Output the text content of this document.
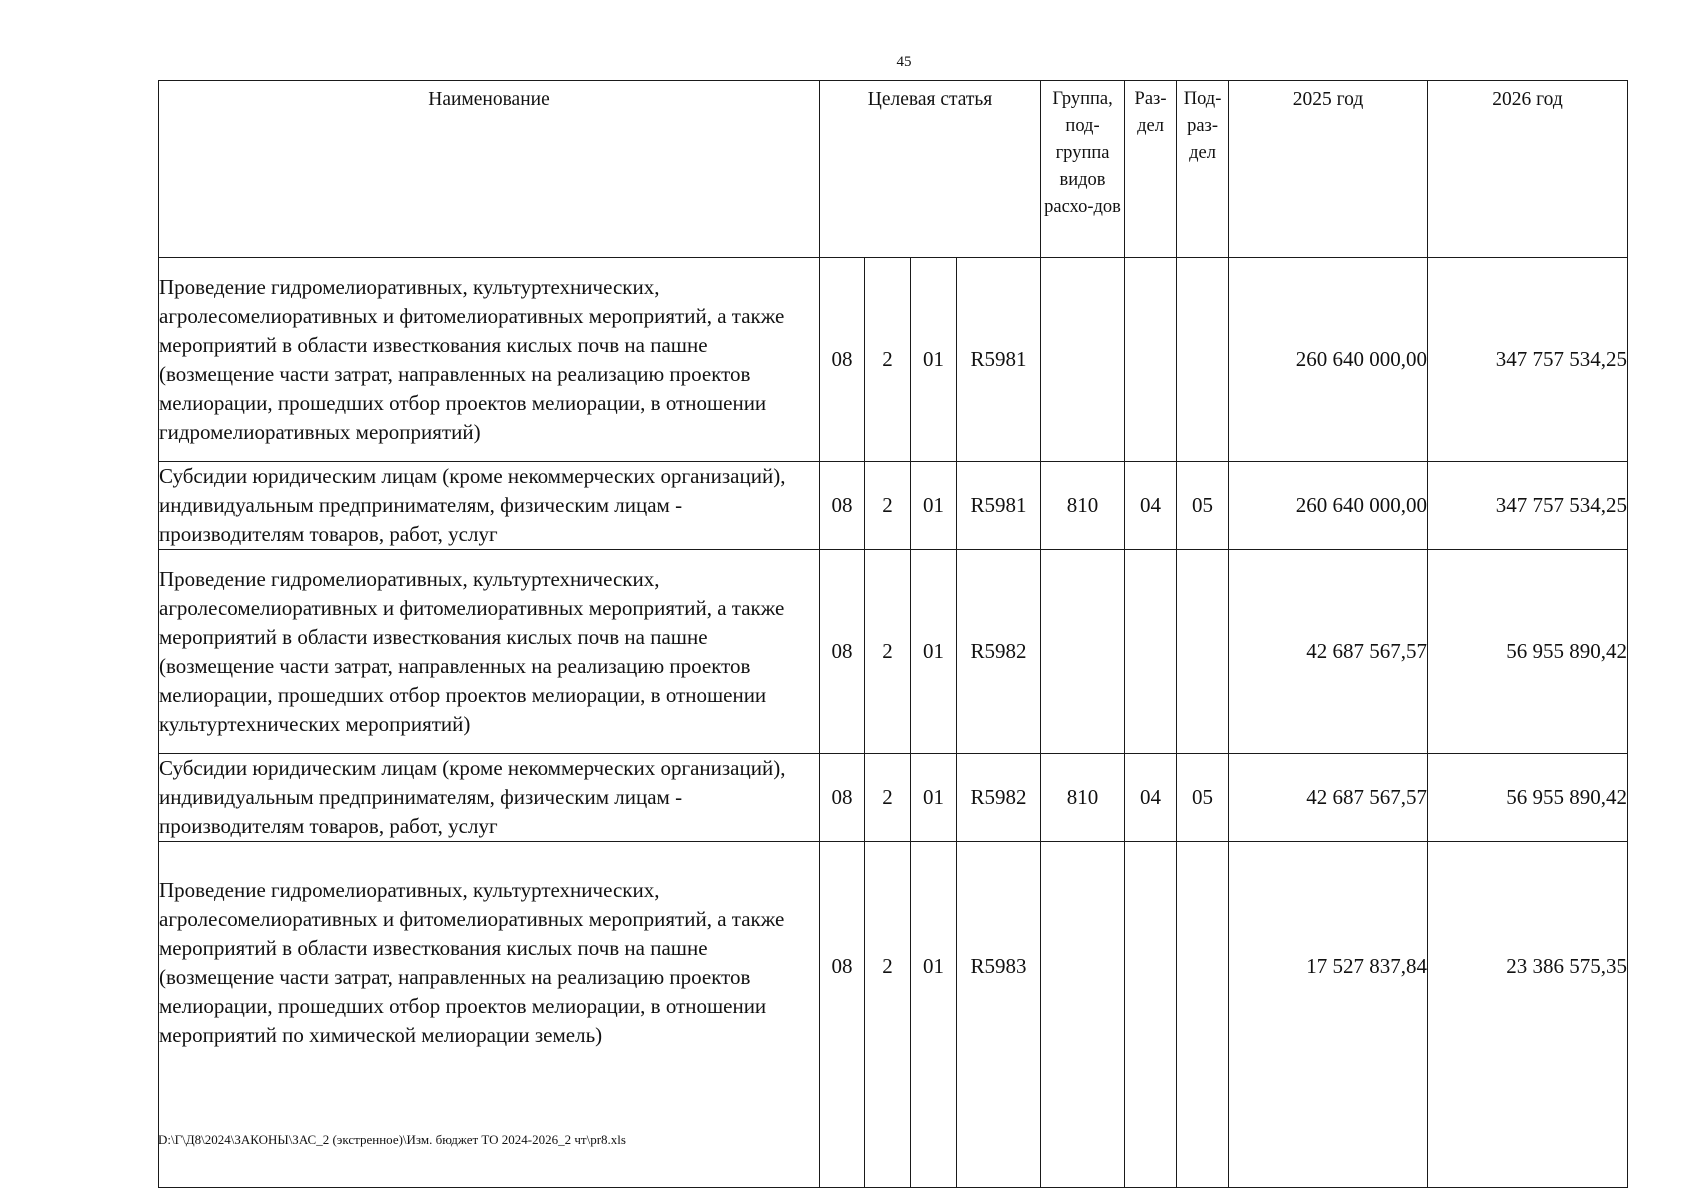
45
Наименование	Целевая статья				Группа, под-группа видов расхо-дов	Раз-дел	Под-раз-дел	2025 год	2026 год
Проведение гидромелиоративных, культуртехнических, агролесомелиоративных и фитомелиоративных мероприятий, а также мероприятий в области известкования кислых почв на пашне (возмещение части затрат, направленных на реализацию проектов мелиорации, прошедших отбор проектов мелиорации, в отношении гидромелиоративных мероприятий)	08	2	01	R5981				260 640 000,00	347 757 534,25
Субсидии юридическим лицам (кроме некоммерческих организаций), индивидуальным предпринимателям, физическим лицам - производителям товаров, работ, услуг	08	2	01	R5981	810	04	05	260 640 000,00	347 757 534,25
Проведение гидромелиоративных, культуртехнических, агролесомелиоративных и фитомелиоративных мероприятий, а также мероприятий в области известкования кислых почв на пашне (возмещение части затрат, направленных на реализацию проектов мелиорации, прошедших отбор проектов мелиорации, в отношении культуртехнических мероприятий)	08	2	01	R5982				42 687 567,57	56 955 890,42
Субсидии юридическим лицам (кроме некоммерческих организаций), индивидуальным предпринимателям, физическим лицам - производителям товаров, работ, услуг	08	2	01	R5982	810	04	05	42 687 567,57	56 955 890,42
Проведение гидромелиоративных, культуртехнических, агролесомелиоративных и фитомелиоративных мероприятий, а также мероприятий в области известкования кислых почв на пашне (возмещение части затрат, направленных на реализацию проектов мелиорации, прошедших отбор проектов мелиорации, в отношении мероприятий по химической мелиорации земель)	08	2	01	R5983				17 527 837,84	23 386 575,35
D:\Г\Д8\2024\ЗАКОНЫ\ЗАС_2 (экстренное)\Изм. бюджет ТО 2024-2026_2 чт\pr8.xls
